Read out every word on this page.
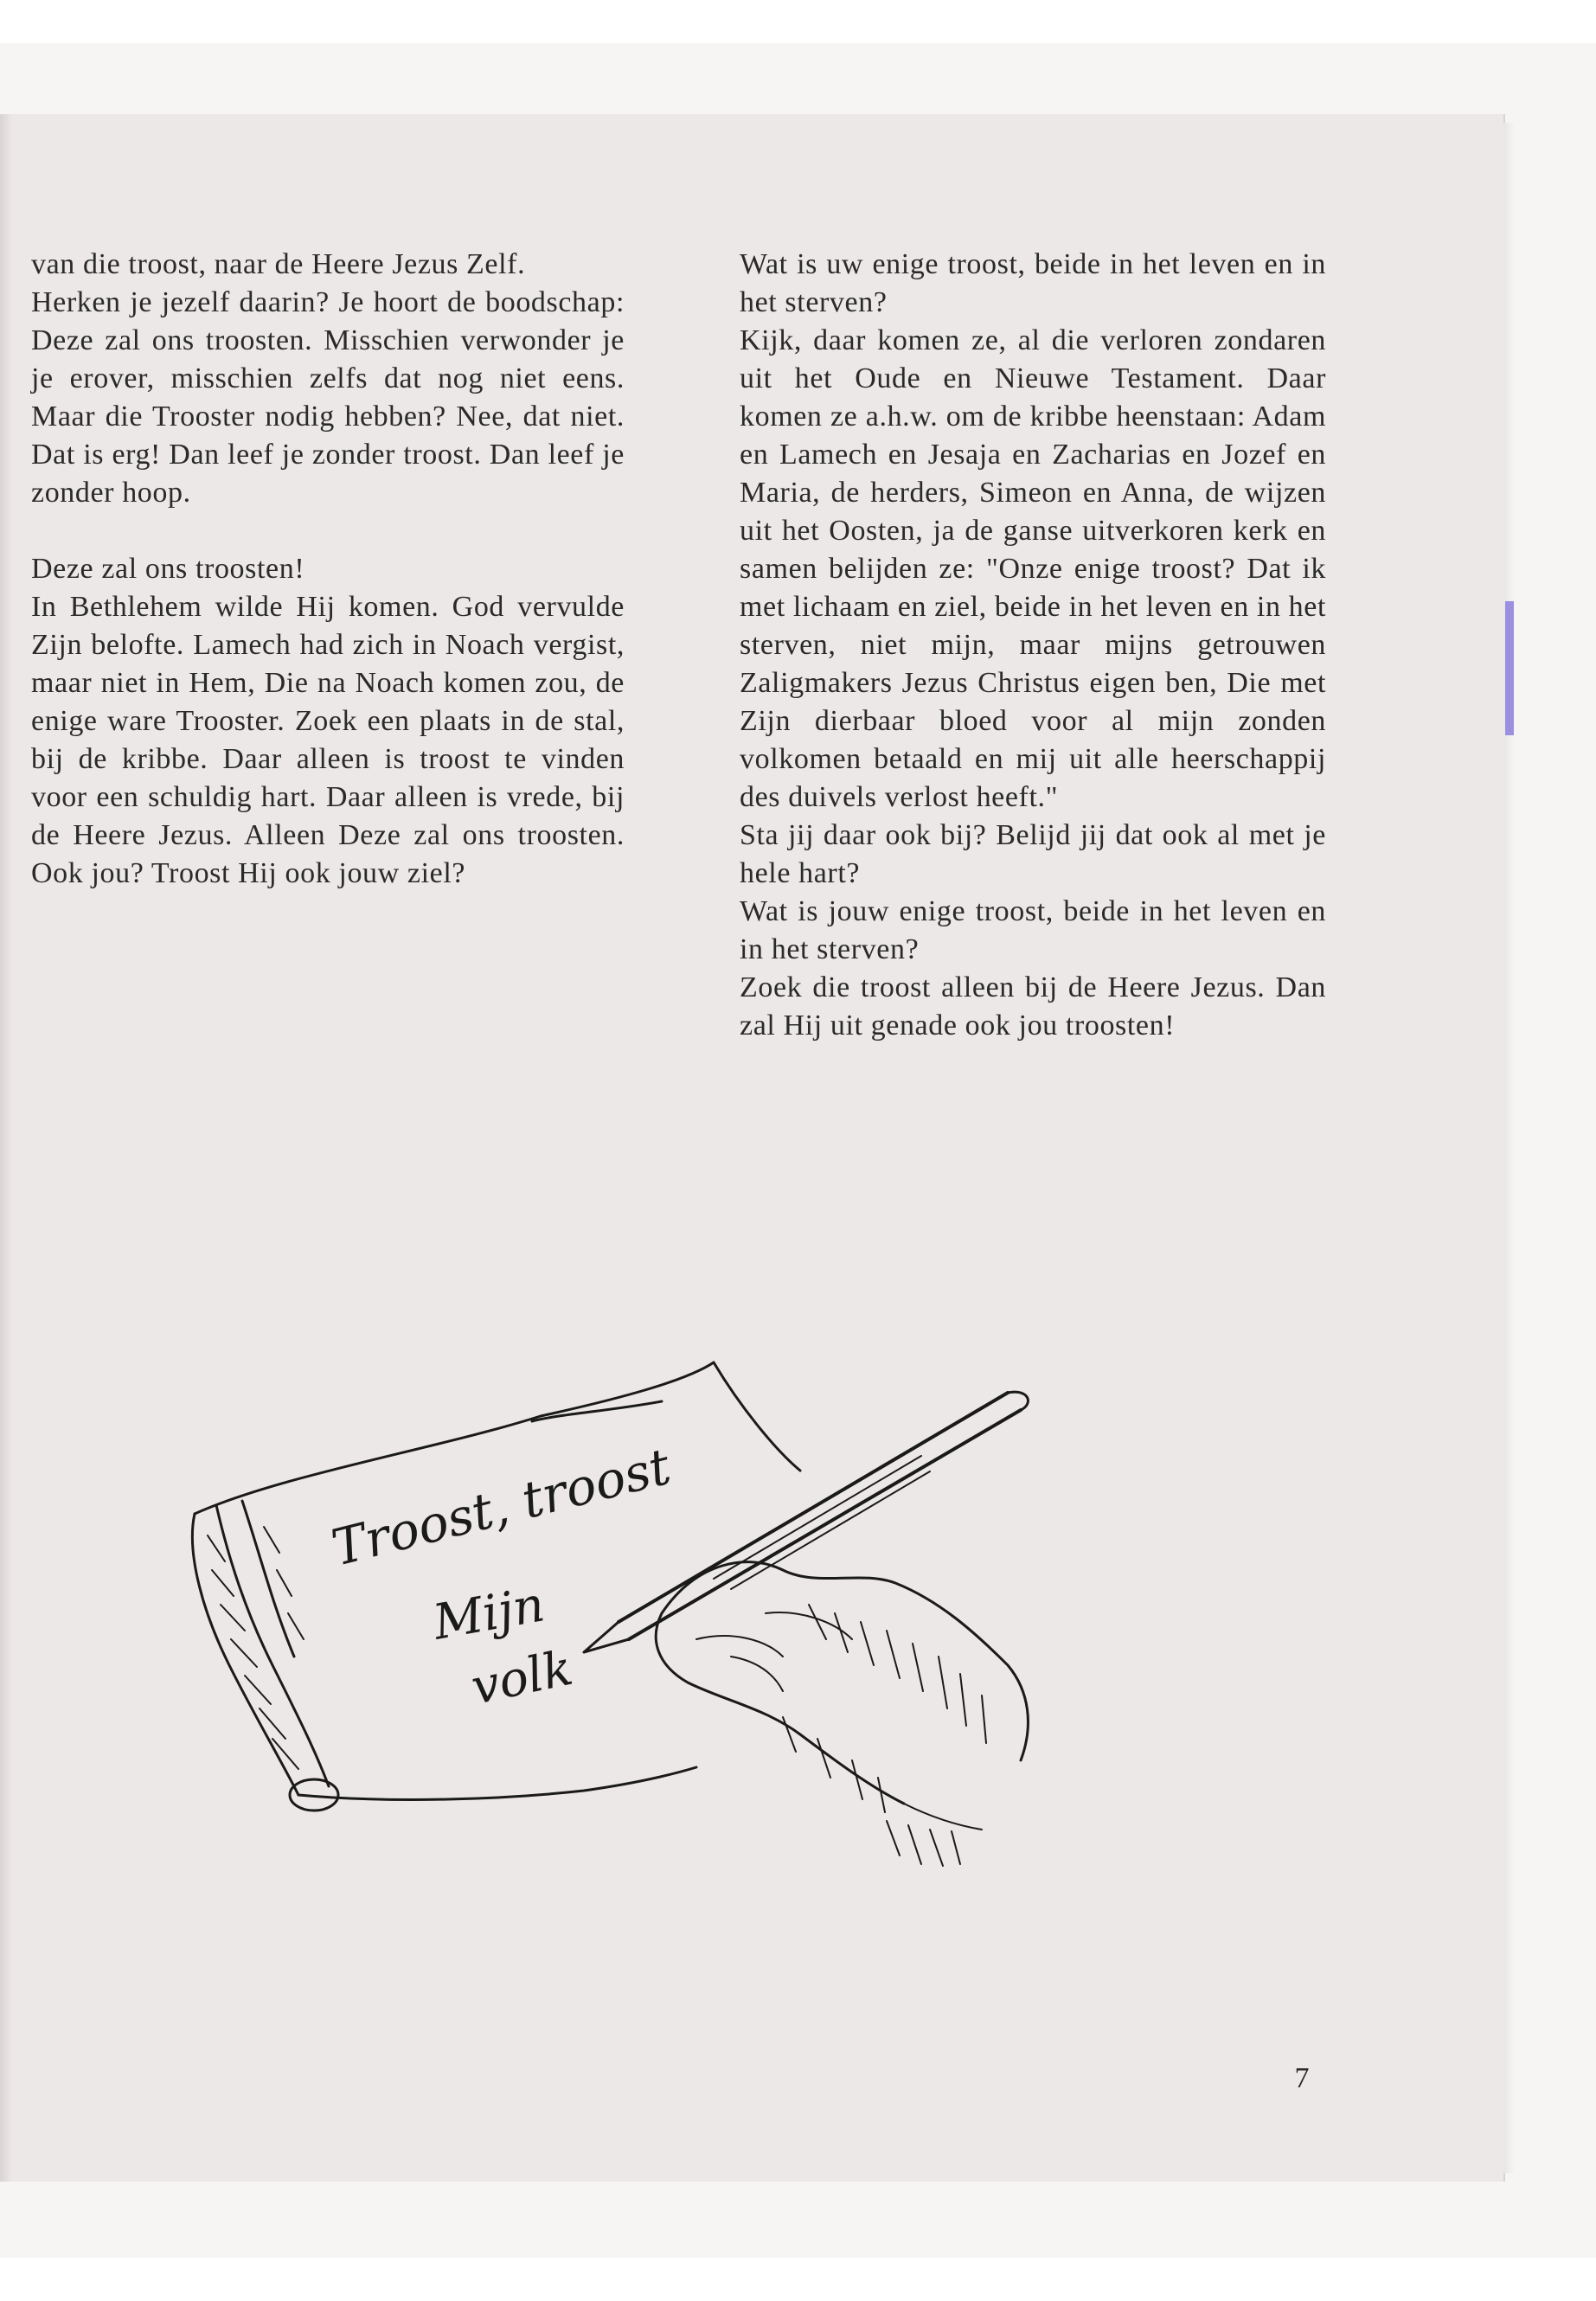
van die troost, naar de Heere Jezus Zelf.

Herken je jezelf daarin? Je hoort de boodschap: Deze zal ons troosten. Misschien verwonder je je erover, misschien zelfs dat nog niet eens. Maar die Trooster nodig hebben? Nee, dat niet. Dat is erg! Dan leef je zonder troost. Dan leef je zonder hoop.

Deze zal ons troosten!

In Bethlehem wilde Hij komen. God vervulde Zijn belofte. Lamech had zich in Noach vergist, maar niet in Hem, Die na Noach komen zou, de enige ware Trooster. Zoek een plaats in de stal, bij de kribbe. Daar alleen is troost te vinden voor een schuldig hart. Daar alleen is vrede, bij de Heere Jezus. Alleen Deze zal ons troosten. Ook jou? Troost Hij ook jouw ziel?

Wat is uw enige troost, beide in het leven en in het sterven?

Kijk, daar komen ze, al die verloren zondaren uit het Oude en Nieuwe Testament. Daar komen ze a.h.w. om de kribbe heenstaan: Adam en Lamech en Jesaja en Zacharias en Jozef en Maria, de herders, Simeon en Anna, de wijzen uit het Oosten, ja de ganse uitverkoren kerk en samen belijden ze: "Onze enige troost? Dat ik met lichaam en ziel, beide in het leven en in het sterven, niet mijn, maar mijns getrouwen Zaligmakers Jezus Christus eigen ben, Die met Zijn dierbaar bloed voor al mijn zonden volkomen betaald en mij uit alle heerschappij des duivels verlost heeft."

Sta jij daar ook bij? Belijd jij dat ook al met je hele hart?

Wat is jouw enige troost, beide in het leven en in het sterven?

Zoek die troost alleen bij de Heere Jezus. Dan zal Hij uit genade ook jou troosten!

Troost, troost
Mijn
volk
7
